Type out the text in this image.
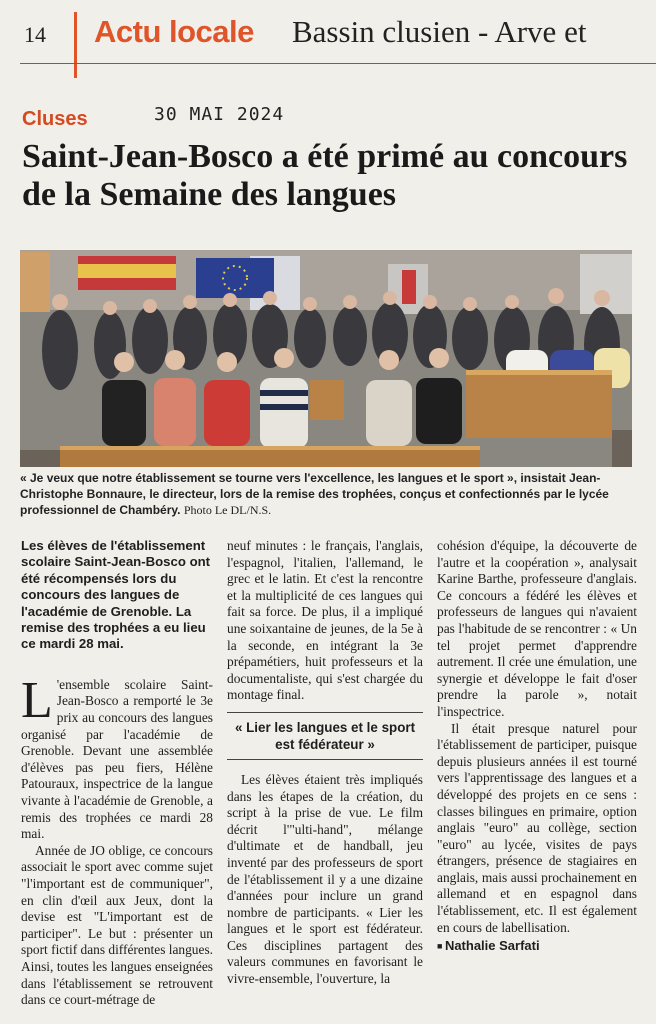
14 Actu locale Bassin clusien - Arve et
Cluses	30 MAI 2024
Saint-Jean-Bosco a été primé au concours de la Semaine des langues

« Je veux que notre établissement se tourne vers l'excellence, les langues et le sport », insistait Jean-Christophe Bonnaure, le directeur, lors de la remise des trophées, conçus et confectionnés par le lycée professionnel de Chambéry. Photo Le DL/N.S.

Les élèves de l'établissement scolaire Saint-Jean-Bosco ont été récompensés lors du concours des langues de l'académie de Grenoble. La remise des trophées a eu lieu ce mardi 28 mai.

L 'ensemble scolaire Saint-Jean-Bosco a remporté le 3e prix au concours des langues organisé par l'académie de Grenoble. Devant une assemblée d'élèves pas peu fiers, Hélène Patouraux, inspectrice de la langue vivante à l'académie de Grenoble, a remis des trophées ce mardi 28 mai.

Année de JO oblige, ce concours associait le sport avec comme sujet "l'important est de communiquer", en clin d'œil aux Jeux, dont la devise est "L'important est de participer". Le but : présenter un sport fictif dans différentes langues. Ainsi, toutes les langues enseignées dans l'établissement se retrouvent dans ce court-métrage de

neuf minutes : le français, l'anglais, l'espagnol, l'italien, l'allemand, le grec et le latin. Et c'est la rencontre et la multiplicité de ces langues qui fait sa force. De plus, il a impliqué une soixantaine de jeunes, de la 5e à la seconde, en intégrant la 3e prépamétiers, huit professeurs et la documentaliste, qui s'est chargée du montage final.

« Lier les langues et le sport est fédérateur »

Les élèves étaient très impliqués dans les étapes de la création, du script à la prise de vue. Le film décrit l'"ulti-hand", mélange d'ultimate et de handball, jeu inventé par des professeurs de sport de l'établissement il y a une dizaine d'années pour inclure un grand nombre de participants. « Lier les langues et le sport est fédérateur. Ces disciplines partagent des valeurs communes en favorisant le vivre-ensemble, l'ouverture, la

cohésion d'équipe, la découverte de l'autre et la coopération », analysait Karine Barthe, professeure d'anglais. Ce concours a fédéré les élèves et professeurs de langues qui n'avaient pas l'habitude de se rencontrer : « Un tel projet permet d'apprendre autrement. Il crée une émulation, une synergie et développe le fait d'oser prendre la parole », notait l'inspectrice.

Il était presque naturel pour l'établissement de participer, puisque depuis plusieurs années il est tourné vers l'apprentissage des langues et a développé des projets en ce sens : classes bilingues en primaire, option anglais "euro" au collège, section "euro" au lycée, visites de pays étrangers, présence de stagiaires en anglais, mais aussi prochainement en allemand et en espagnol dans l'établissement, etc. Il est également en cours de labellisation.

■ Nathalie Sarfati
